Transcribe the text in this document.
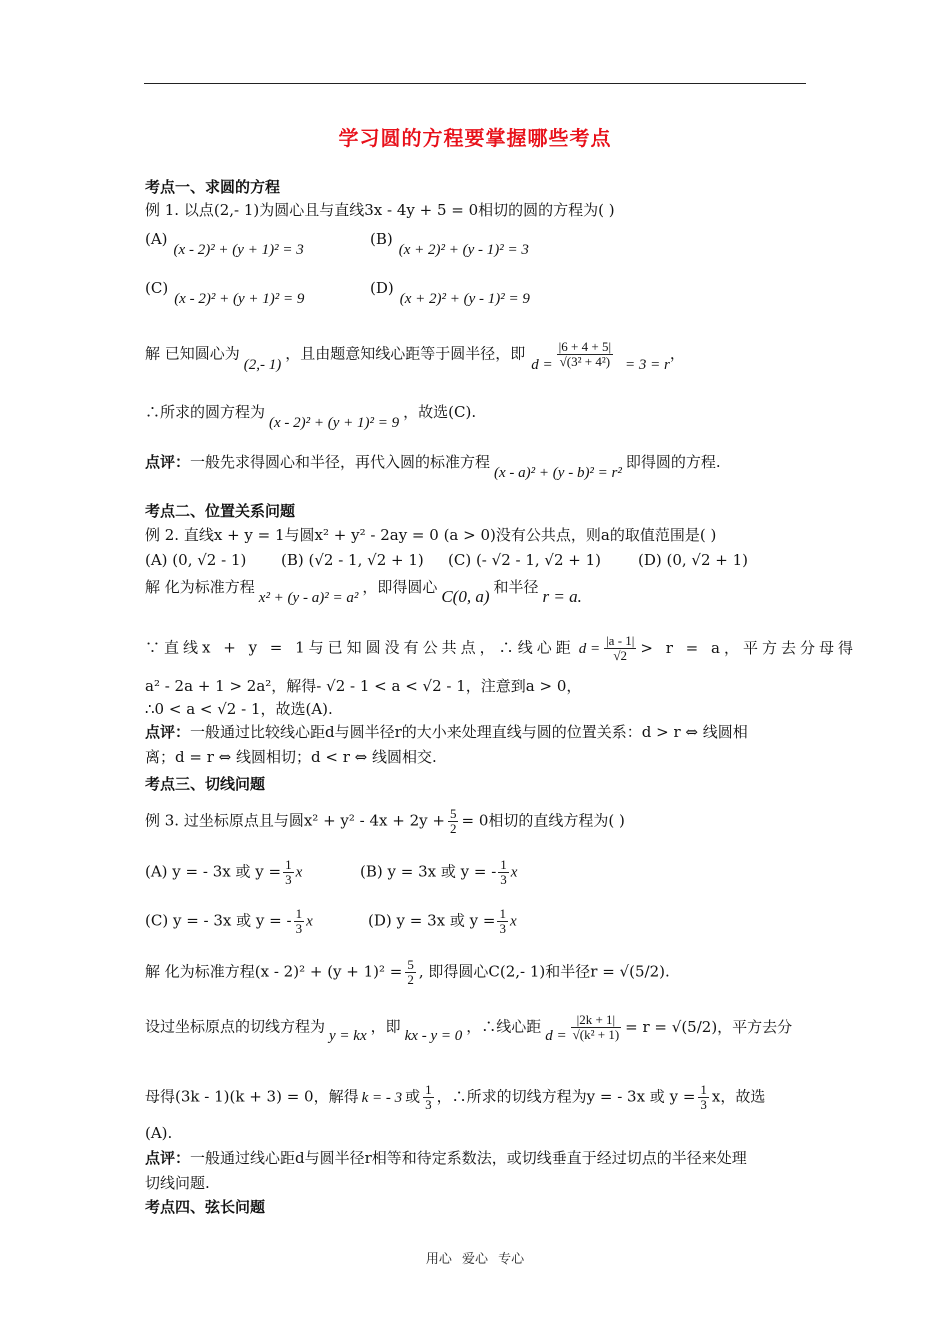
学习圆的方程要掌握哪些考点
考点一、求圆的方程
例 1. 以点(2,- 1)为圆心且与直线3x - 4y + 5 = 0相切的圆的方程为( )
(A)(x - 2)² + (y + 1)² = 3
(B)(x + 2)² + (y - 1)² = 3
(C)(x - 2)² + (y + 1)² = 9
(D)(x + 2)² + (y - 1)² = 9
解 已知圆心为(2,- 1)，且由题意知线心距等于圆半径，即$d = \frac{|6 + 4 + 5|}{\text{√(3² + 4²)}} = 3 = r$，
∴所求的圆方程为(x - 2)² + (y + 1)² = 9，故选(C).
点评：一般先求得圆心和半径，再代入圆的标准方程(x - a)² + (y - b)² = r²即得圆的方程.
考点二、位置关系问题
例 2. 直线x + y = 1与圆x² + y² - 2ay = 0 (a > 0)没有公共点，则a的取值范围是( )
(A) (0, √2 - 1) (B) (√2 - 1, √2 + 1) (C) (- √2 - 1, √2 + 1) (D) (0, √2 + 1)
解 化为标准方程x² + (y - a)² = a²，即得圆心 C(0, a) 和半径 r = a.
∵直线x + y = 1与已知圆没有公共点，∴线心距 $d = \frac{|a - 1|}{√2} > r = a$，平方去分母得
a² - 2a + 1 > 2a²，解得- √2 - 1 < a < √2 - 1，注意到a > 0，
∴0 < a < √2 - 1，故选(A).
点评：一般通过比较线心距d与圆半径r的大小来处理直线与圆的位置关系：d > r ⇔ 线圆相
离；d = r ⇔ 线圆相切；d < r ⇔ 线圆相交.
考点三、切线问题
例 3. 过坐标原点且与圆$x^2 + y^2 - 4x + 2y + \frac{5}{2} = 0$相切的直线方程为( )
(A) y = - 3x 或 $y = \frac{1}{3}$ x	(B) y = 3x 或 y = - $\frac{1}{3}$ x
(C) y = - 3x 或 y = - $\frac{1}{3}$ x	(D) y = 3x 或 $y = \frac{1}{3}$ x
解 化为标准方程$(x - 2)^2 + (y + 1)^2 = \frac{5}{2}$ , 即得圆心C(2,- 1)和半径r = √(5/2).
设过坐标原点的切线方程为 y = kx ，即 kx - y = 0 ，∴线心距 $d = \frac{|2k + 1|}{\text{√(k² + 1)}} = r = √(5/2)$，平方去分
母得(3k - 1)(k + 3) = 0，解得 k = - 3 或 $\frac{1}{3}$ ，∴所求的切线方程为y = - 3x 或 $y = \frac{1}{3}$ x，故选
(A).
点评：一般通过线心距d与圆半径r相等和待定系数法，或切线垂直于经过切点的半径来处理
切线问题.
考点四、弦长问题
用心 爱心 专心
